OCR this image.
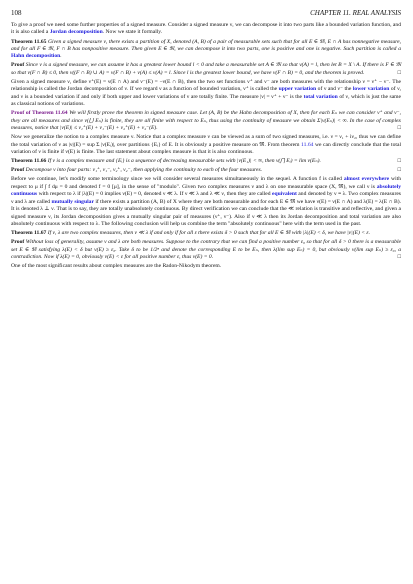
108	CHAPTER 11. REAL ANALYSIS

To give a proof we need some further properties of a signed measure. Consider a signed measure ν, we can decompose it into two parts like a bounded variation function, and it is also called a Jordan decomposition. Now we state it formally.

Theorem 11.65 Given a signed measure ν, there exists a partition of X, denoted (A, B) of a pair of measurable sets such that for all E ∈ 𝔐, E ∩ A has nonnegative measure, and for all F ∈ 𝔐, F ∩ B has nonpositive measure. Then given E ∈ 𝔐, we can decompose it into two parts, one is positive and one is negative. Such partition is called a Hahn decomposition.

Proof Since ν is a signed measure, we can assume it has a greatest lower bound l < 0 and take a measurable set A ∈ 𝔐 so that ν(A) = l, then let B = X \ A. If there is F ∈ 𝔐 so that ν(F ∩ B) ≤ 0, then ν((F ∩ B) ∪ A) = ν(F ∩ B) + ν(A) ≤ ν(A) = l. Since l is the greatest lower bound, we have ν(F ∩ B) = 0, and the theorem is proved.	□

Given a signed measure ν, define ν⁺(E) = ν(E ∩ A) and ν⁻(E) = −ν(E ∩ B), then the two set functions ν⁺ and ν⁻ are both measures with the relationship ν = ν⁺ − ν⁻. The relationship is called the Jordan decomposition of ν. If we regard ν as a function of bounded variation, ν⁺ is called the upper variation of ν and ν⁻ the lower variation of ν, and ν is a bounded variation if and only if both upper and lower variations of ν are totally finite. The measure |ν| = ν⁺ + ν⁻ is the total variation of ν, which is just the same as classical notions of variations.

Proof of Theorem 11.64 We will firstly prove the theorem in signed measure case. Let (A, B) be the Hahn decomposition of X, then for each Eₙ we can consider ν⁺ and ν⁻, they are all measures and since ν(⋃ Eₙ) is finite, they are all finite with respect to Eₙ, thus using the continuity of measure we obtain Σ|ν(Eₙ)| < ∞. In the case of complex measures, notice that |ν(E)| ≤ ν₁⁺(E) + ν₁⁻(E) + ν₂⁺(E) + ν₂⁻(E).	□

Now we generalize the notion to a complex measure ν. Notice that a complex measure ν can be viewed as a sum of two signed measures, i.e. ν = ν₁ + iν₂, thus we can define the total variation of ν as |ν|(E) = sup Σ |ν(Eᵢ)|, over partitions {Eᵢ} of E. It is obviously a positive measure on 𝔐. From theorem 11.64 we can directly conclude that the total variation of ν is finite if ν(E) is finite. The last statement about complex measure is that it is also continuous.

Theorem 11.66 If ν is a complex measure and {Eᵢ} is a sequence of decreasing measurable sets with |ν(E₁)| < ∞, then ν(⋂ Eᵢ) = lim ν(Eₙ).	□

Proof Decompose ν into four parts: ν₁⁺, ν₁⁻, ν₂⁺, ν₂⁻, then applying the continuity to each of the four measures.	□

Before we continue, let's modify some terminology since we will consider several measures simultaneously in the sequel. A function f is called almost everywhere with respect to μ if ∫ f dμ = 0 and denoted f = 0 [μ], in the sense of "modulo". Given two complex measures ν and λ on one measurable space (X, 𝔐), we call ν is absolutely continuous with respect to λ if |λ|(E) = 0 implies ν(E) = 0, denoted ν ≪ λ. If ν ≪ λ and λ ≪ ν, then they are called equivalent and denoted by ν ≡ λ. Two complex measures ν and λ are called mutually singular if there exists a partition (A, B) of X where they are both measurable and for each E ∈ 𝔐 we have ν(E) = ν(E ∩ A) and λ(E) = λ(E ∩ B). It is denoted λ ⊥ ν. That is to say, they are totally unabsolutely continuous. By direct verification we can conclude that the ≪ relation is transitive and reflective, and given a signed measure ν, its Jordan decomposition gives a mutually singular pair of measures (ν⁺, ν⁻). Also if ν ≪ λ then its Jordan decomposition and total variation are also absolutely continuous with respect to λ. The following conclusion will help us combine the term "absolutely continuous" here with the term used in the past.

Theorem 11.67 If ν, λ are two complex measures, then ν ≪ λ if and only if for all ε there exists δ > 0 such that for all E ∈ 𝔐 with |λ|(E) < δ, we have |ν|(E) < ε.

Proof Without loss of generality, assume ν and λ are both measures. Suppose to the contrary that we can find a positive number ε₀ so that for all δ > 0 there is a measurable set E ∈ 𝔐 satisfying λ(E) < δ but ν(E) ≥ ε₀. Take δ to be 1/2ⁿ and denote the corresponding E to be Eₙ, then λ(lim sup Eₙ) = 0, but obviously ν(lim sup Eₙ) ≥ ε₀, a contradiction. Now if λ(E) = 0, obviously ν(E) < ε for all positive number ε, thus ν(E) = 0.	□

One of the most significant results about complex measures are the Radon-Nikodym theorem.
